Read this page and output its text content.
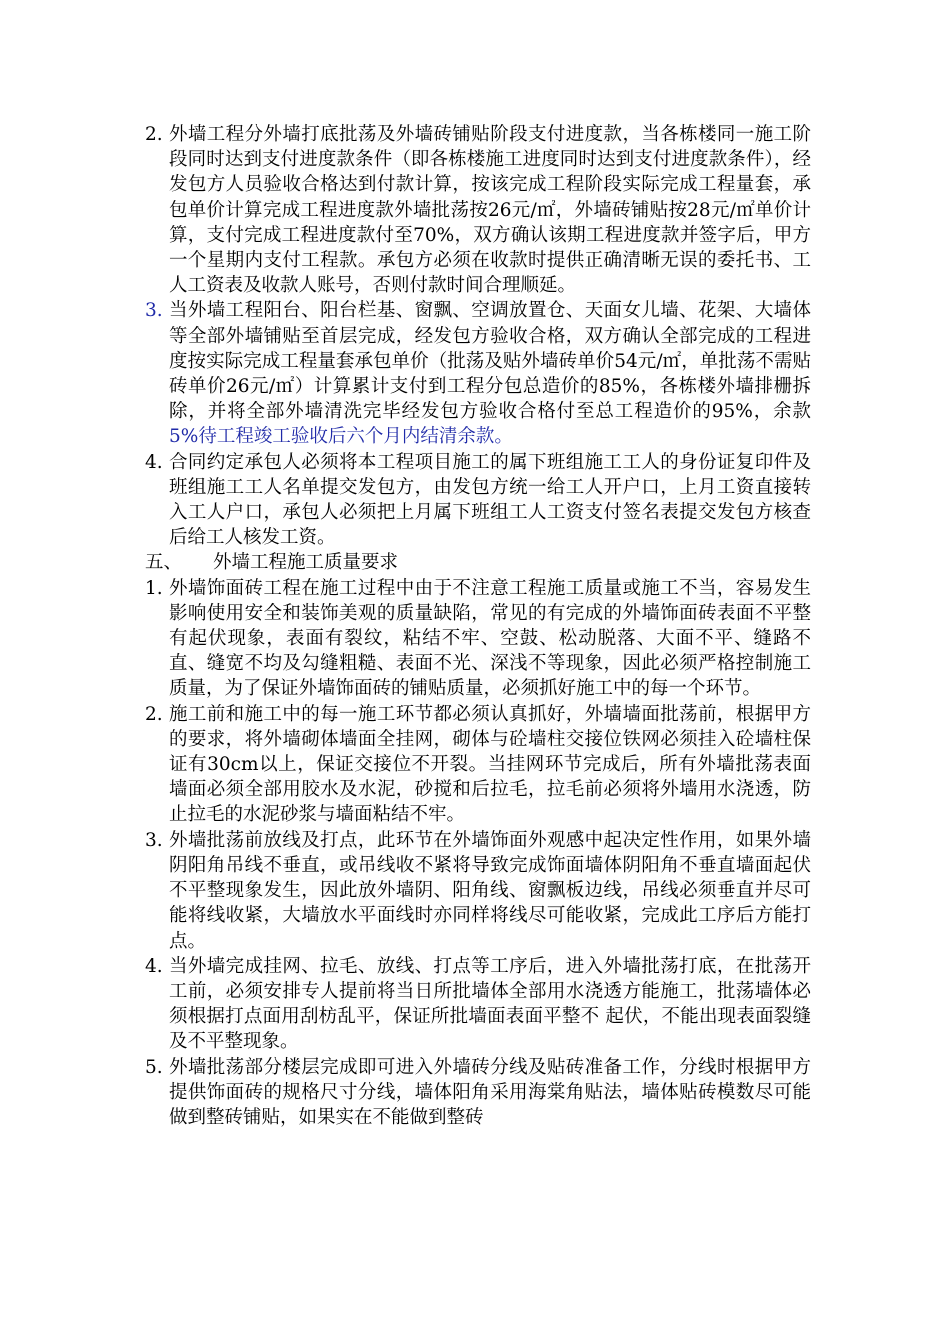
2. 外墙工程分外墙打底批荡及外墙砖铺贴阶段支付进度款，当各栋楼同一施工阶段同时达到支付进度款条件（即各栋楼施工进度同时达到支付进度款条件），经发包方人员验收合格达到付款计算，按该完成工程阶段实际完成工程量套，承包单价计算完成工程进度款外墙批荡按26元/㎡，外墙砖铺贴按28元/㎡单价计算，支付完成工程进度款付至70%，双方确认该期工程进度款并签字后，甲方一个星期内支付工程款。承包方必须在收款时提供正确清晰无误的委托书、工人工资表及收款人账号，否则付款时间合理顺延。
3. 当外墙工程阳台、阳台栏基、窗飘、空调放置仓、天面女儿墙、花架、大墙体等全部外墙铺贴至首层完成，经发包方验收合格，双方确认全部完成的工程进度按实际完成工程量套承包单价（批荡及贴外墙砖单价54元/㎡，单批荡不需贴砖单价26元/㎡）计算累计支付到工程分包总造价的85%，各栋楼外墙排栅拆除，并将全部外墙清洗完毕经发包方验收合格付至总工程造价的95%，余款5%待工程竣工验收后六个月内结清余款。
4. 合同约定承包人必须将本工程项目施工的属下班组施工工人的身份证复印件及班组施工工人名单提交发包方，由发包方统一给工人开户口，上月工资直接转入工人户口，承包人必须把上月属下班组工人工资支付签名表提交发包方核查后给工人核发工资。
五、	外墙工程施工质量要求
1. 外墙饰面砖工程在施工过程中由于不注意工程施工质量或施工不当，容易发生影响使用安全和装饰美观的质量缺陷，常见的有完成的外墙饰面砖表面不平整有起伏现象，表面有裂纹，粘结不牢、空鼓、松动脱落、大面不平、缝路不直、缝宽不均及勾缝粗糙、表面不光、深浅不等现象，因此必须严格控制施工质量，为了保证外墙饰面砖的铺贴质量，必须抓好施工中的每一个环节。
2. 施工前和施工中的每一施工环节都必须认真抓好，外墙墙面批荡前，根据甲方的要求，将外墙砌体墙面全挂网，砌体与砼墙柱交接位铁网必须挂入砼墙柱保证有30cm以上，保证交接位不开裂。当挂网环节完成后，所有外墙批荡表面墙面必须全部用胶水及水泥，砂搅和后拉毛，拉毛前必须将外墙用水浇透，防止拉毛的水泥砂浆与墙面粘结不牢。
3. 外墙批荡前放线及打点，此环节在外墙饰面外观感中起决定性作用，如果外墙阴阳角吊线不垂直，或吊线收不紧将导致完成饰面墙体阴阳角不垂直墙面起伏不平整现象发生，因此放外墙阴、阳角线、窗飘板边线，吊线必须垂直并尽可能将线收紧，大墙放水平面线时亦同样将线尽可能收紧，完成此工序后方能打点。
4. 当外墙完成挂网、拉毛、放线、打点等工序后，进入外墙批荡打底，在批荡开工前，必须安排专人提前将当日所批墙体全部用水浇透方能施工，批荡墙体必须根据打点面用刮枋乱平，保证所批墙面表面平整不 起伏，不能出现表面裂缝及不平整现象。
5. 外墙批荡部分楼层完成即可进入外墙砖分线及贴砖准备工作，分线时根据甲方提供饰面砖的规格尺寸分线，墙体阳角采用海棠角贴法，墙体贴砖模数尽可能做到整砖铺贴，如果实在不能做到整砖
